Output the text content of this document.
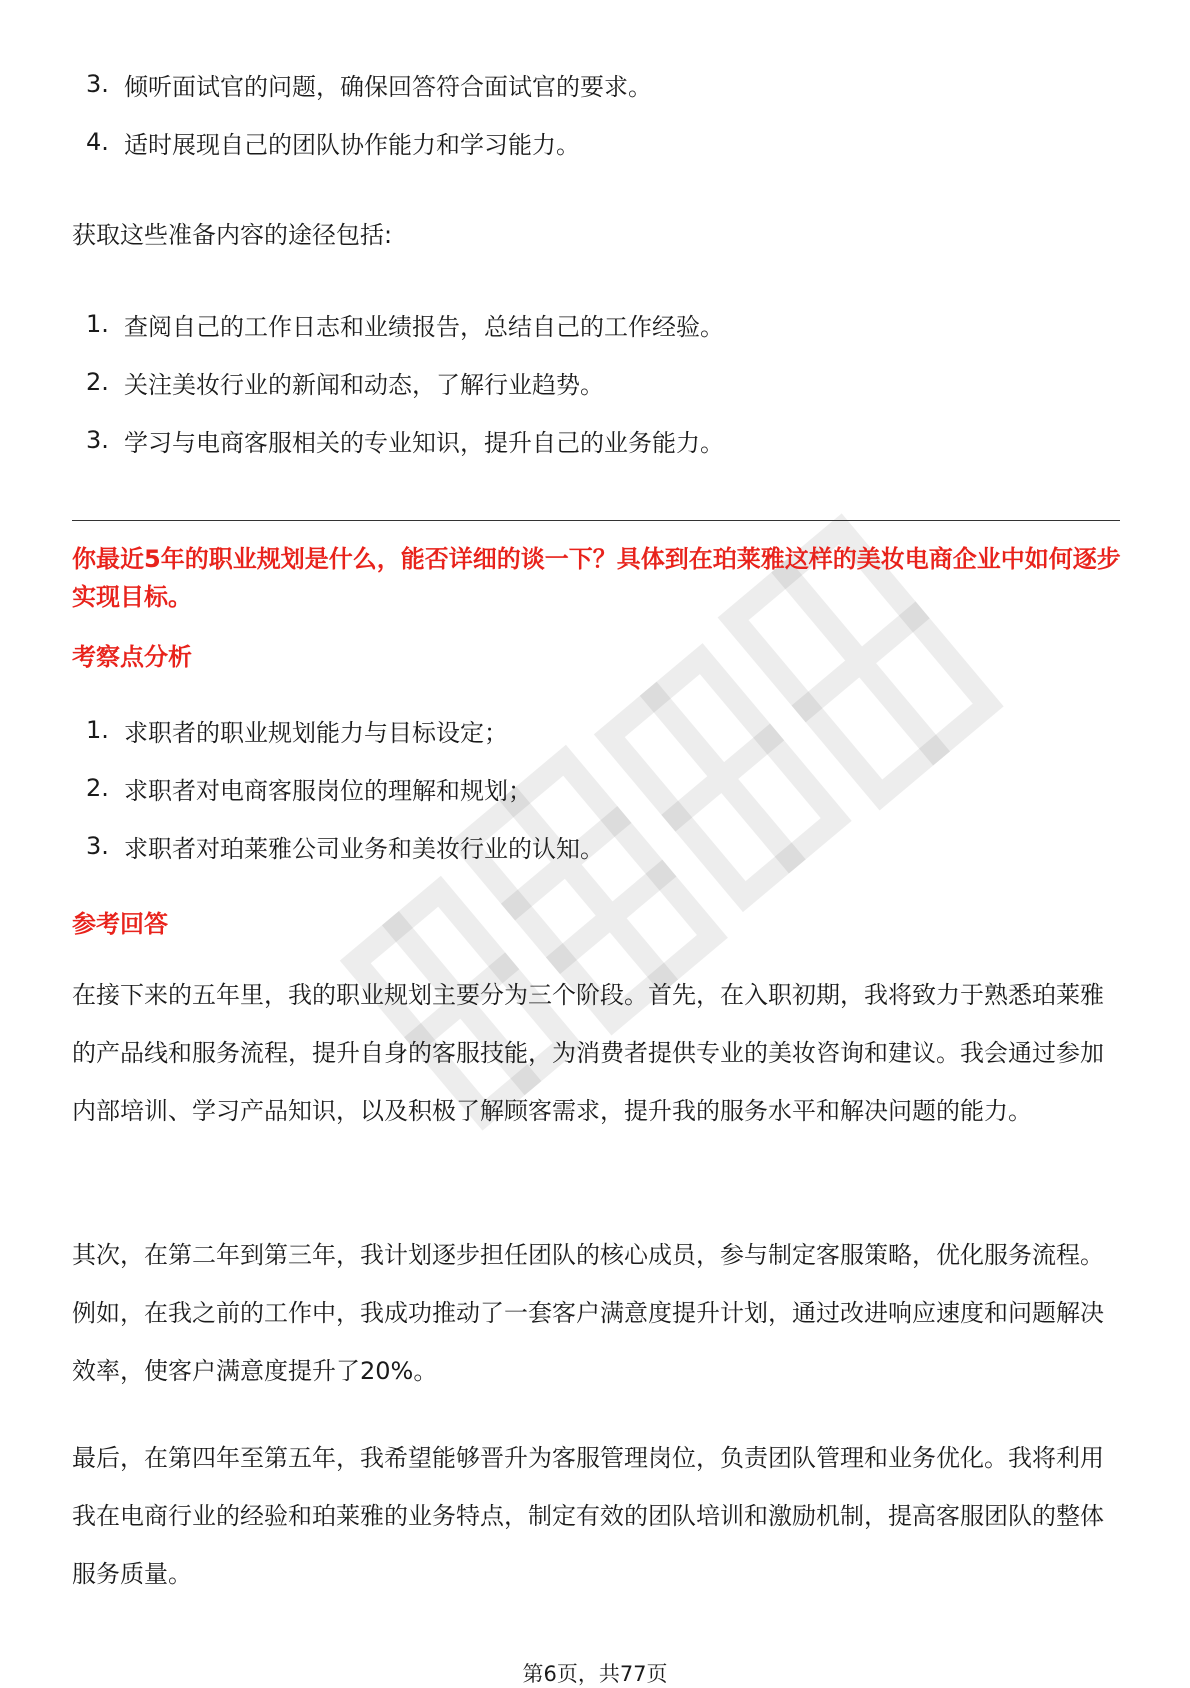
3. 倾听面试官的问题，确保回答符合面试官的要求。
4. 适时展现自己的团队协作能力和学习能力。

获取这些准备内容的途径包括:

1. 查阅自己的工作日志和业绩报告，总结自己的工作经验。
2. 关注美妆行业的新闻和动态，了解行业趋势。
3. 学习与电商客服相关的专业知识，提升自己的业务能力。

你最近5年的职业规划是什么，能否详细的谈一下？具体到在珀莱雅这样的美妆电商企业中如何逐步实现目标。

考察点分析

1. 求职者的职业规划能力与目标设定；
2. 求职者对电商客服岗位的理解和规划；
3. 求职者对珀莱雅公司业务和美妆行业的认知。

参考回答

在接下来的五年里，我的职业规划主要分为三个阶段。首先，在入职初期，我将致力于熟悉珀莱雅的产品线和服务流程，提升自身的客服技能，为消费者提供专业的美妆咨询和建议。我会通过参加内部培训、学习产品知识，以及积极了解顾客需求，提升我的服务水平和解决问题的能力。

其次，在第二年到第三年，我计划逐步担任团队的核心成员，参与制定客服策略，优化服务流程。例如，在我之前的工作中，我成功推动了一套客户满意度提升计划，通过改进响应速度和问题解决效率，使客户满意度提升了20%。

最后，在第四年至第五年，我希望能够晋升为客服管理岗位，负责团队管理和业务优化。我将利用我在电商行业的经验和珀莱雅的业务特点，制定有效的团队培训和激励机制，提高客服团队的整体服务质量。

第6页，共77页
